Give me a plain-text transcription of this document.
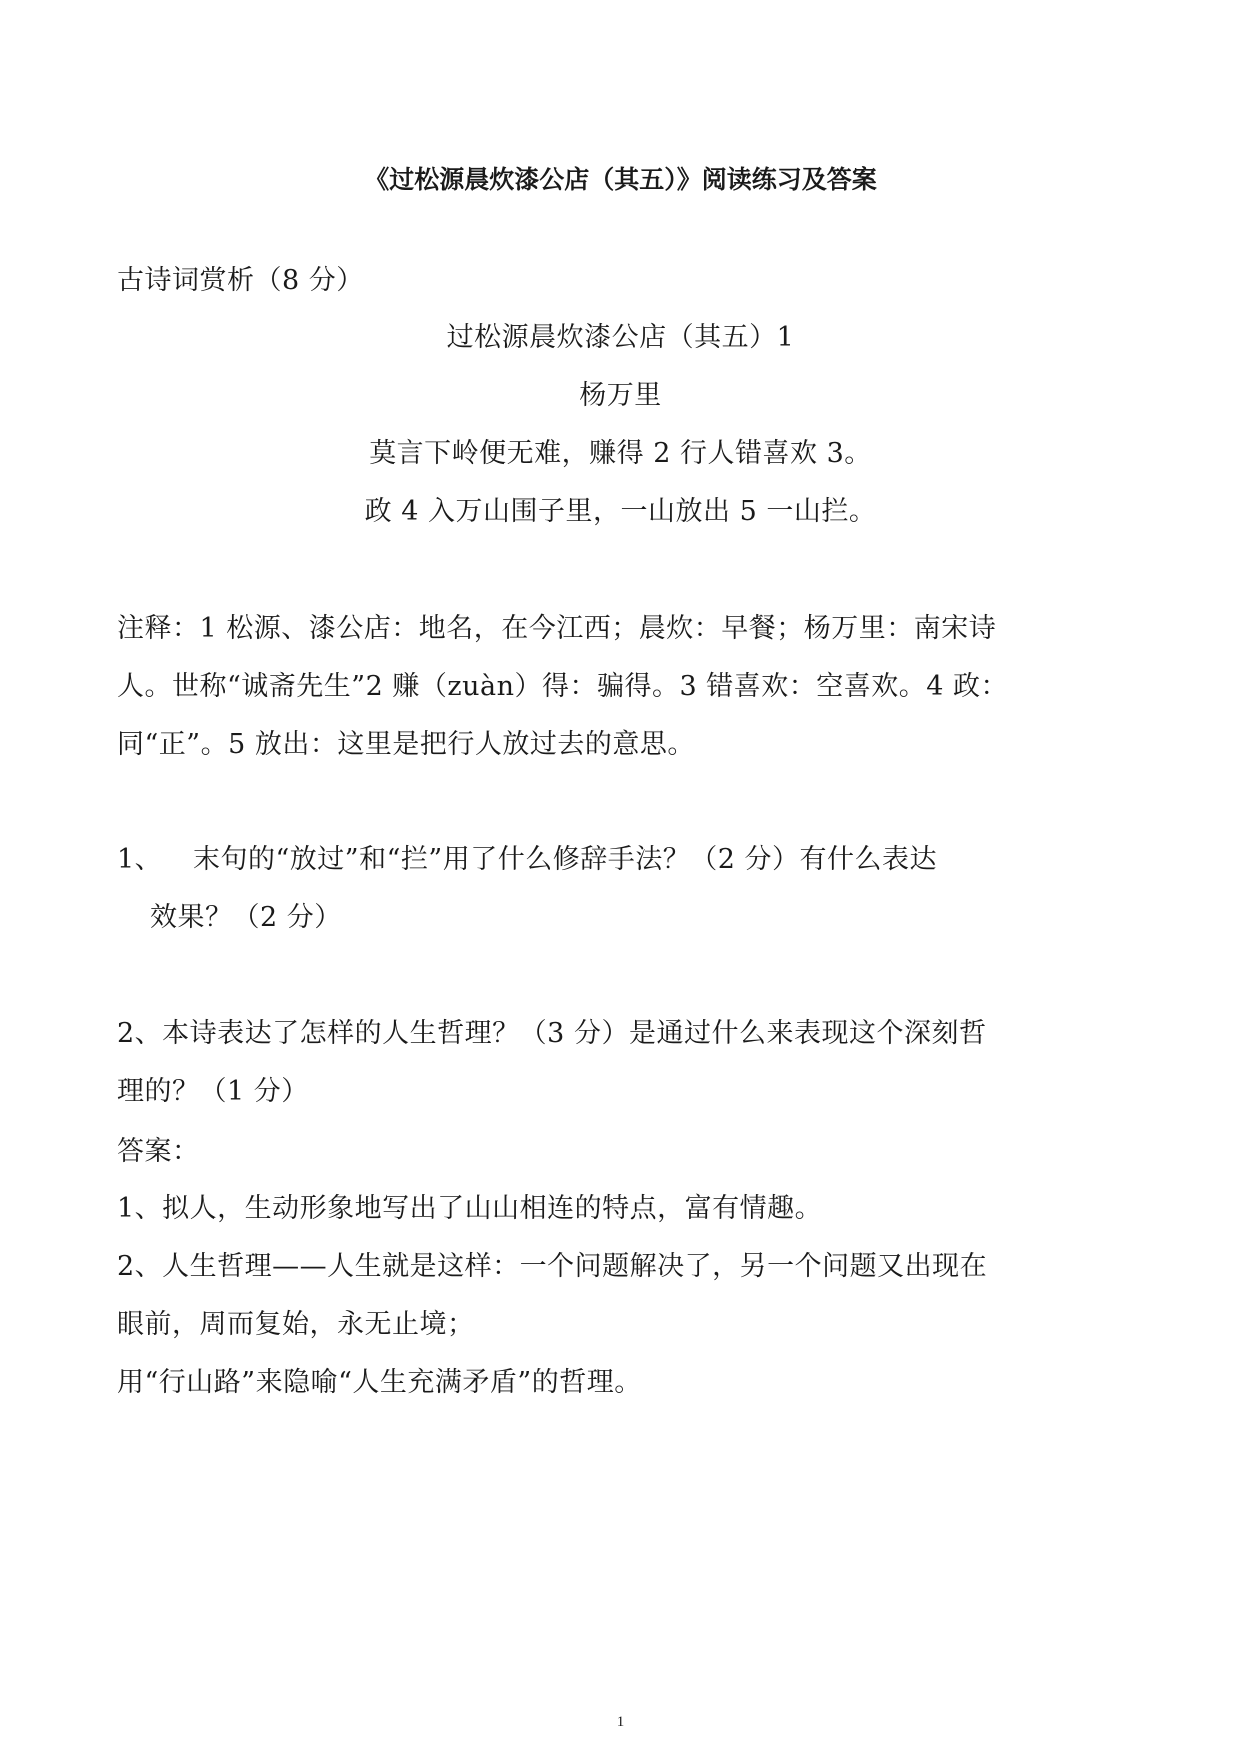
《过松源晨炊漆公店（其五）》阅读练习及答案
古诗词赏析（8 分）
过松源晨炊漆公店（其五）1
杨万里
莫言下岭便无难，赚得 2 行人错喜欢 3。
政 4 入万山围子里，一山放出 5 一山拦。
注释：1 松源、漆公店：地名，在今江西；晨炊：早餐；杨万里：南宋诗
人。世称“诚斋先生”2 赚（zuàn）得：骗得。3 错喜欢：空喜欢。4 政：
同“正”。5 放出：这里是把行人放过去的意思。
1、 末句的“放过”和“拦”用了什么修辞手法？（2 分）有什么表达
效果？（2 分）
2、本诗表达了怎样的人生哲理？（3 分）是通过什么来表现这个深刻哲
理的？（1 分）
答案：
1、拟人，生动形象地写出了山山相连的特点，富有情趣。
2、人生哲理——人生就是这样：一个问题解决了，另一个问题又出现在
眼前，周而复始，永无止境；
用“行山路”来隐喻“人生充满矛盾”的哲理。
1
